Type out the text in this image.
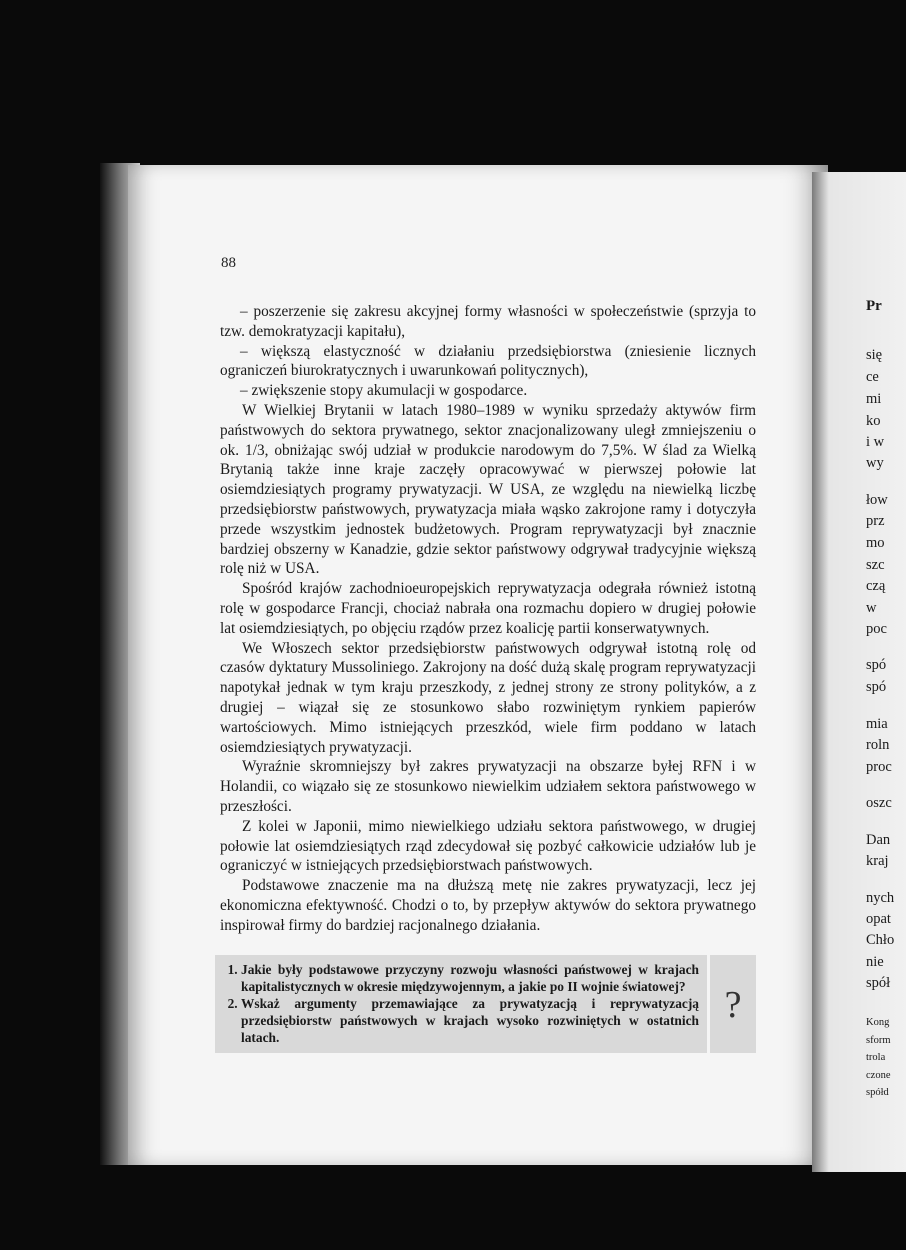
88

– poszerzenie się zakresu akcyjnej formy własności w społeczeństwie (sprzyja to tzw. demokratyzacji kapitału),

– większą elastyczność w działaniu przedsiębiorstwa (zniesienie licznych ograniczeń biurokratycznych i uwarunkowań politycznych),

– zwiększenie stopy akumulacji w gospodarce.

W Wielkiej Brytanii w latach 1980–1989 w wyniku sprzedaży aktywów firm państwowych do sektora prywatnego, sektor znacjonalizowany uległ zmniejszeniu o ok. 1/3, obniżając swój udział w produkcie narodowym do 7,5%. W ślad za Wielką Brytanią także inne kraje zaczęły opracowywać w pierwszej połowie lat osiemdziesiątych programy prywatyzacji. W USA, ze względu na niewielką liczbę przedsiębiorstw państwowych, prywatyzacja miała wąsko zakrojone ramy i dotyczyła przede wszystkim jednostek budżetowych. Program reprywatyzacji był znacznie bardziej obszerny w Kanadzie, gdzie sektor państwowy odgrywał tradycyjnie większą rolę niż w USA.

Spośród krajów zachodnioeuropejskich reprywatyzacja odegrała również istotną rolę w gospodarce Francji, chociaż nabrała ona rozmachu dopiero w drugiej połowie lat osiemdziesiątych, po objęciu rządów przez koalicję partii konserwatywnych.

We Włoszech sektor przedsiębiorstw państwowych odgrywał istotną rolę od czasów dyktatury Mussoliniego. Zakrojony na dość dużą skalę program reprywatyzacji napotykał jednak w tym kraju przeszkody, z jednej strony ze strony polityków, a z drugiej – wiązał się ze stosunkowo słabo rozwiniętym rynkiem papierów wartościowych. Mimo istniejących przeszkód, wiele firm poddano w latach osiemdziesiątych prywatyzacji.

Wyraźnie skromniejszy był zakres prywatyzacji na obszarze byłej RFN i w Holandii, co wiązało się ze stosunkowo niewielkim udziałem sektora państwowego w przeszłości.

Z kolei w Japonii, mimo niewielkiego udziału sektora państwowego, w drugiej połowie lat osiemdziesiątych rząd zdecydował się pozbyć całkowicie udziałów lub je ograniczyć w istniejących przedsiębiorstwach państwowych.

Podstawowe znaczenie ma na dłuższą metę nie zakres prywatyzacji, lecz jej ekonomiczna efektywność. Chodzi o to, by przepływ aktywów do sektora prywatnego inspirował firmy do bardziej racjonalnego działania.

1. Jakie były podstawowe przyczyny rozwoju własności państwowej w krajach kapitalistycznych w okresie międzywojennym, a jakie po II wojnie światowej?
2. Wskaż argumenty przemawiające za prywatyzacją i reprywatyzacją przedsiębiorstw państwowych w krajach wysoko rozwiniętych w ostatnich latach.
?
Pr
się
ce
mi
ko
i w
wy
łow
prz
mo
szc
czą
w
poc
spó
spó
mia
roln
proc
oszc
Dan
kraj
nych
opat
Chło
nie
spół
Kong
sform
trola
czone
spółd
